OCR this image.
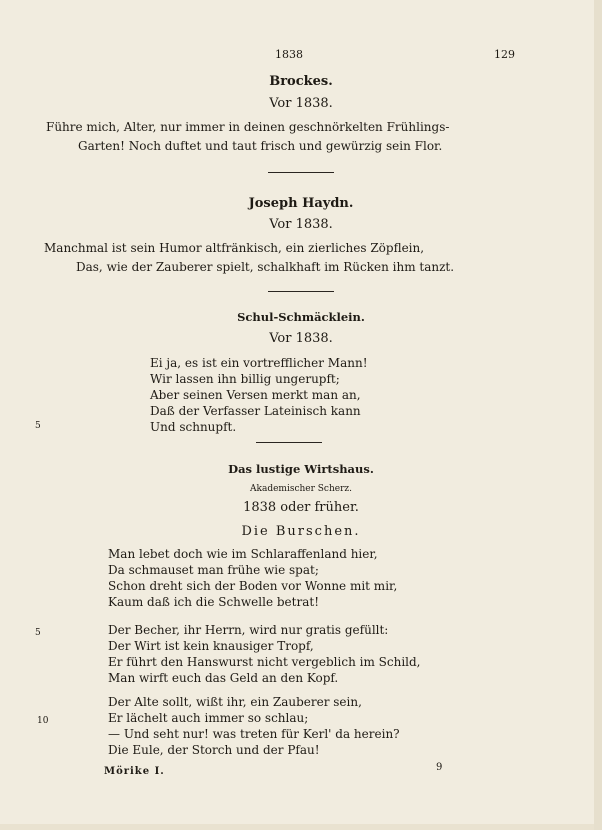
1838	129
Brockes.
Vor 1838.
Führe mich, Alter, nur immer in deinen geschnörkelten Frühlings-
Garten! Noch duftet und taut frisch und gewürzig sein Flor.
Joseph Haydn.
Vor 1838.
Manchmal ist sein Humor altfränkisch, ein zierliches Zöpflein,
Das, wie der Zauberer spielt, schalkhaft im Rücken ihm tanzt.
Schul-Schmäcklein.
Vor 1838.
Ei ja, es ist ein vortrefflicher Mann!
Wir lassen ihn billig ungerupft;
Aber seinen Versen merkt man an,
Daß der Verfasser Lateinisch kann
Und schnupft.
5
Das lustige Wirtshaus.
Akademischer Scherz.
1838 oder früher.
Die Burschen.
Man lebet doch wie im Schlaraffenland hier,
Da schmauset man frühe wie spat;
Schon dreht sich der Boden vor Wonne mit mir,
Kaum daß ich die Schwelle betrat!
Der Becher, ihr Herrn, wird nur gratis gefüllt:
Der Wirt ist kein knausiger Tropf,
Er führt den Hanswurst nicht vergeblich im Schild,
Man wirft euch das Geld an den Kopf.
5
Der Alte sollt, wißt ihr, ein Zauberer sein,
Er lächelt auch immer so schlau;
— Und seht nur! was treten für Kerl' da herein?
Die Eule, der Storch und der Pfau!
10
Mörike I.	9
